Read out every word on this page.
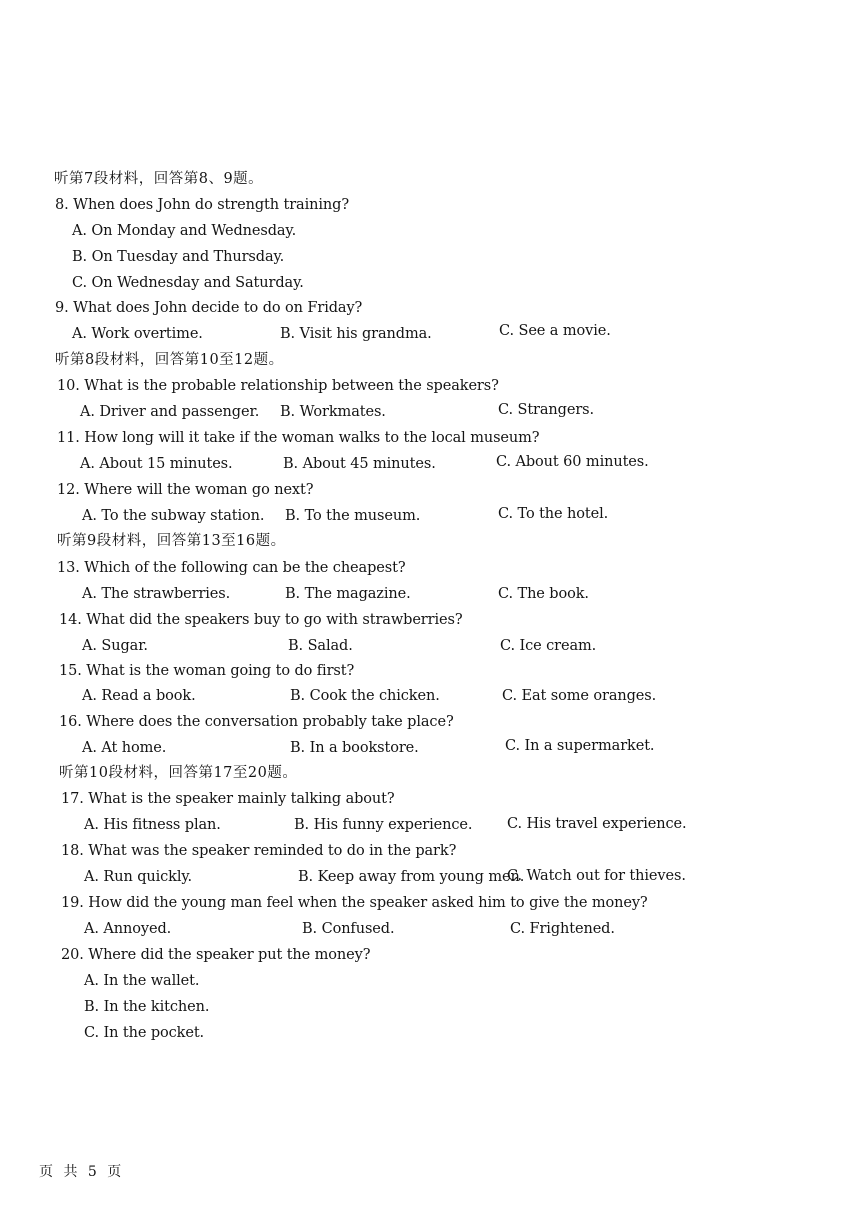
听第7段材料，回答第8、9题。
8. When does John do strength training?
A. On Monday and Wednesday.
B. On Tuesday and Thursday.
C. On Wednesday and Saturday.
9. What does John decide to do on Friday?
A. Work overtime.	B. Visit his grandma.	C. See a movie.
听第8段材料，回答第10至12题。
10. What is the probable relationship between the speakers?
A. Driver and passenger. B. Workmates.	C. Strangers.
11. How long will it take if the woman walks to the local museum?
A. About 15 minutes.	B. About 45 minutes.	C. About 60 minutes.
12. Where will the woman go next?
A. To the subway station. B. To the museum.	C. To the hotel.
听第9段材料，回答第13至16题。
13. Which of the following can be the cheapest?
A. The strawberries.	B. The magazine.	C. The book.
14. What did the speakers buy to go with strawberries?
A. Sugar.	B. Salad.	C. Ice cream.
15. What is the woman going to do first?
A. Read a book.	B. Cook the chicken.	C. Eat some oranges.
16. Where does the conversation probably take place?
A. At home.	B. In a bookstore.	C. In a supermarket.
听第10段材料，回答第17至20题。
17. What is the speaker mainly talking about?
A. His fitness plan.	B. His funny experience. C. His travel experience.
18. What was the speaker reminded to do in the park?
A. Run quickly.	B. Keep away from young men.
C. Watch out for thieves.
19. How did the young man feel when the speaker asked him to give the money?
A. Annoyed.	B. Confused.	C. Frightened.
20. Where did the speaker put the money?
A. In the wallet.
B. In the kitchen.
C. In the pocket.
页 共 5 页
